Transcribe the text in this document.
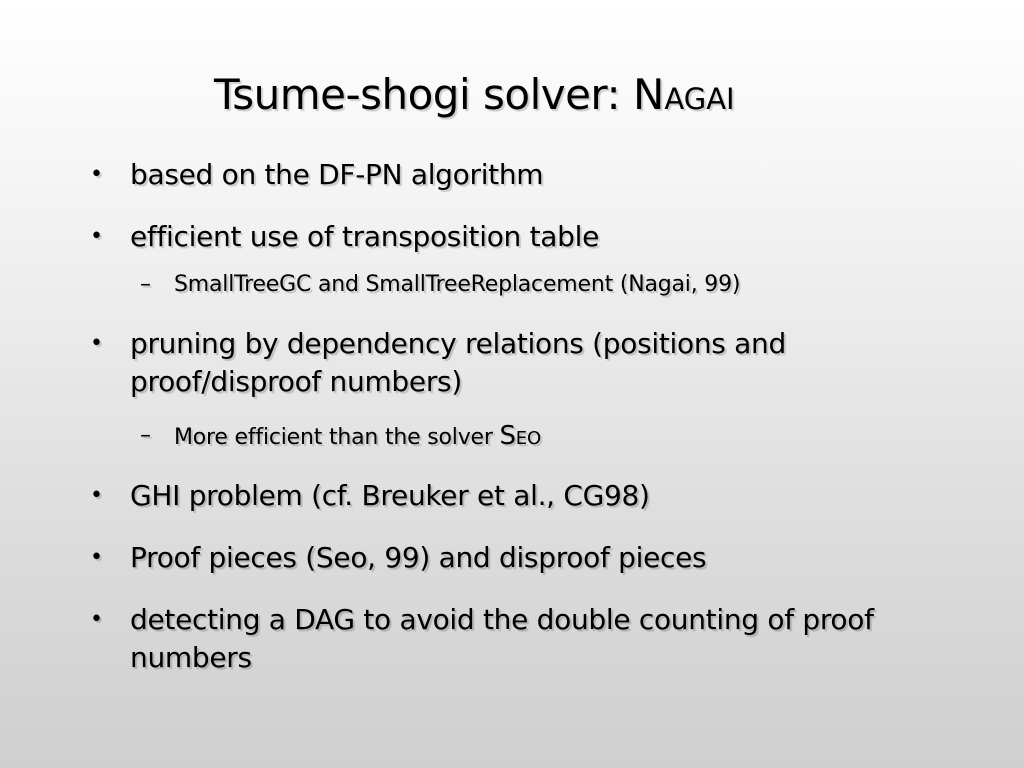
Tsume-shogi solver: Nagai
• based on the DF-PN algorithm
• efficient use of transposition table
– SmallTreeGC and SmallTreeReplacement (Nagai, 99)
• pruning by dependency relations (positions and proof/disproof numbers)
– More efficient than the solver Seo
• GHI problem (cf. Breuker et al., CG98)
• Proof pieces (Seo, 99) and disproof pieces
• detecting a DAG to avoid the double counting of proof numbers
